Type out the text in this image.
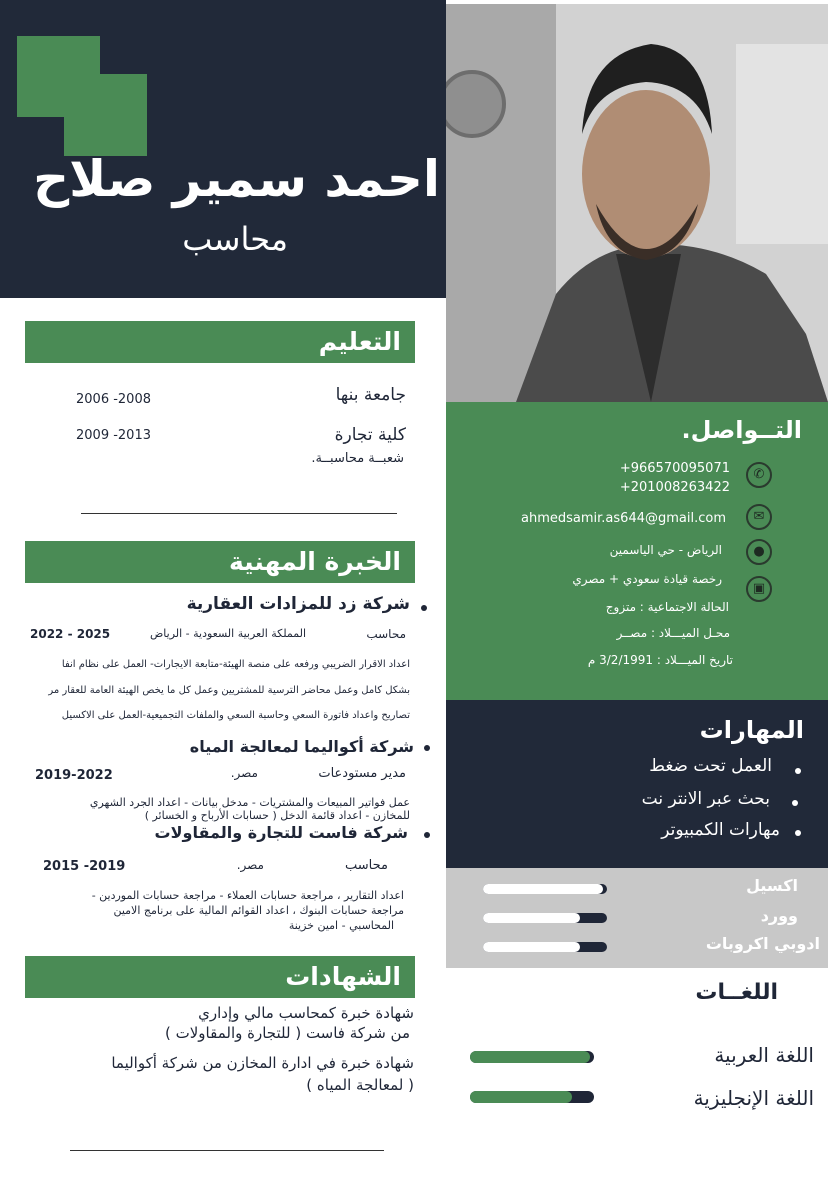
احمد سمير صلاح
محاسب
التعليم
جامعة بنها
2006 -2008
كلية تجارة
2009 -2013
شعبــة محاسبــة.
الخبرة المهنية
شركة زد للمزادات العقارية
محاسب
المملكة العربية السعودية - الرياض
2022 - 2025
اعداد الاقرار الضريبي ورفعه على منصة الهيئة-متابعة الايجارات- العمل على نظام انفا
بشكل كامل وعمل محاضر الترسية للمشتريين وعمل كل ما يخص الهيئة العامة للعقار مر
تصاريح واعداد فاتورة السعي وحاسبة السعي والملفات التجميعية-العمل على الاكسيل
شركة أكواليما لمعالجة المياه
مدير مستودعات
مصر.
2019-2022
عمل فواتير المبيعات والمشتريات - مدخل بيانات - اعداد الجرد الشهري
للمخازن - اعداد قائمة الدخل ( حسابات الأرباح و الخسائر )
شركة فاست للتجارة والمقاولات
محاسب
مصر.
2015 -2019
اعداد التقارير ، مراجعة حسابات العملاء - مراجعة حسابات الموردين -
مراجعة حسابات البنوك ، اعداد القوائم المالية على برنامج الامين
المحاسبي - امين خزينة
الشهادات
شهادة خبرة كمحاسب مالي وإداري
من شركة فاست ( للتجارة والمقاولات )
شهادة خبرة في ادارة المخازن من شركة أكواليما
( لمعالجة المياه )
التــواصل.
✆
+966570095071
+201008263422
✉
ahmedsamir.as644@gmail.com
●
الرياض - حي الياسمين
▣
رخصة قيادة سعودي + مصري
الحالة الاجتماعية : متزوج
محـل الميـــلاد : مصــر
تاريخ الميـــلاد : 3/2/1991 م
المهارات
العمل تحت ضغط
بحث عبر الانتر نت
مهارات الكمبيوتر
اكسيل
وورد
ادوبي اكروبات
اللغــات
اللغة العربية
اللغة الإنجليزية
